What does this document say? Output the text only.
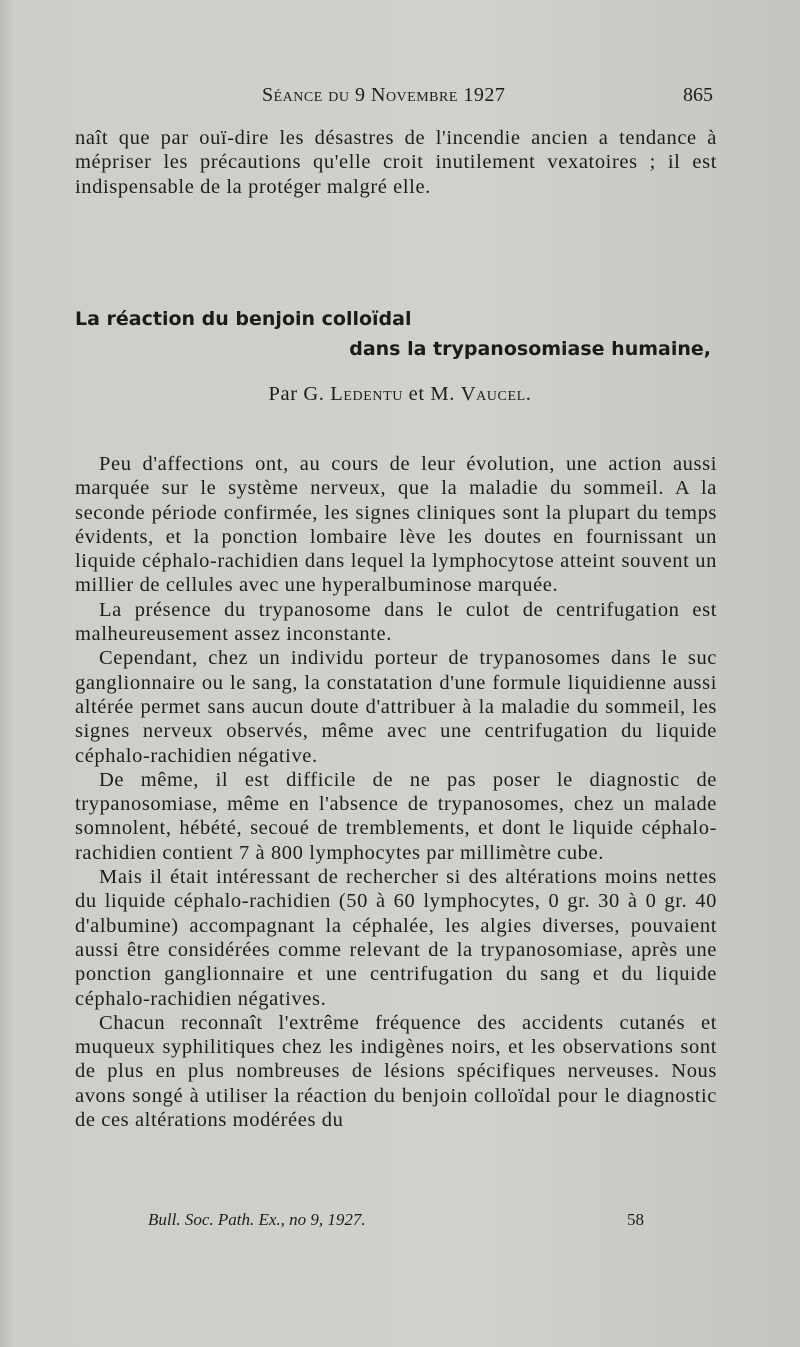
Séance du 9 Novembre 1927	865

naît que par ouï-dire les désastres de l'incendie ancien a tendance à mépriser les précautions qu'elle croit inutilement vexatoires ; il est indispensable de la protéger malgré elle.

La réaction du benjoin colloïdal
dans la trypanosomiase humaine,
Par G. Ledentu et M. Vaucel.

Peu d'affections ont, au cours de leur évolution, une action aussi marquée sur le système nerveux, que la maladie du sommeil. A la seconde période confirmée, les signes cliniques sont la plupart du temps évidents, et la ponction lombaire lève les doutes en fournissant un liquide céphalo-rachidien dans lequel la lymphocytose atteint souvent un millier de cellules avec une hyperalbuminose marquée.

La présence du trypanosome dans le culot de centrifugation est malheureusement assez inconstante.

Cependant, chez un individu porteur de trypanosomes dans le suc ganglionnaire ou le sang, la constatation d'une formule liquidienne aussi altérée permet sans aucun doute d'attribuer à la maladie du sommeil, les signes nerveux observés, même avec une centrifugation du liquide céphalo-rachidien négative.

De même, il est difficile de ne pas poser le diagnostic de trypanosomiase, même en l'absence de trypanosomes, chez un malade somnolent, hébété, secoué de tremblements, et dont le liquide céphalo-rachidien contient 7 à 800 lymphocytes par millimètre cube.

Mais il était intéressant de rechercher si des altérations moins nettes du liquide céphalo-rachidien (50 à 60 lymphocytes, 0 gr. 30 à 0 gr. 40 d'albumine) accompagnant la céphalée, les algies diverses, pouvaient aussi être considérées comme relevant de la trypanosomiase, après une ponction ganglionnaire et une centrifugation du sang et du liquide céphalo-rachidien négatives.

Chacun reconnaît l'extrême fréquence des accidents cutanés et muqueux syphilitiques chez les indigènes noirs, et les observations sont de plus en plus nombreuses de lésions spécifiques nerveuses. Nous avons songé à utiliser la réaction du benjoin colloïdal pour le diagnostic de ces altérations modérées du

Bull. Soc. Path. Ex., no 9, 1927.	58
